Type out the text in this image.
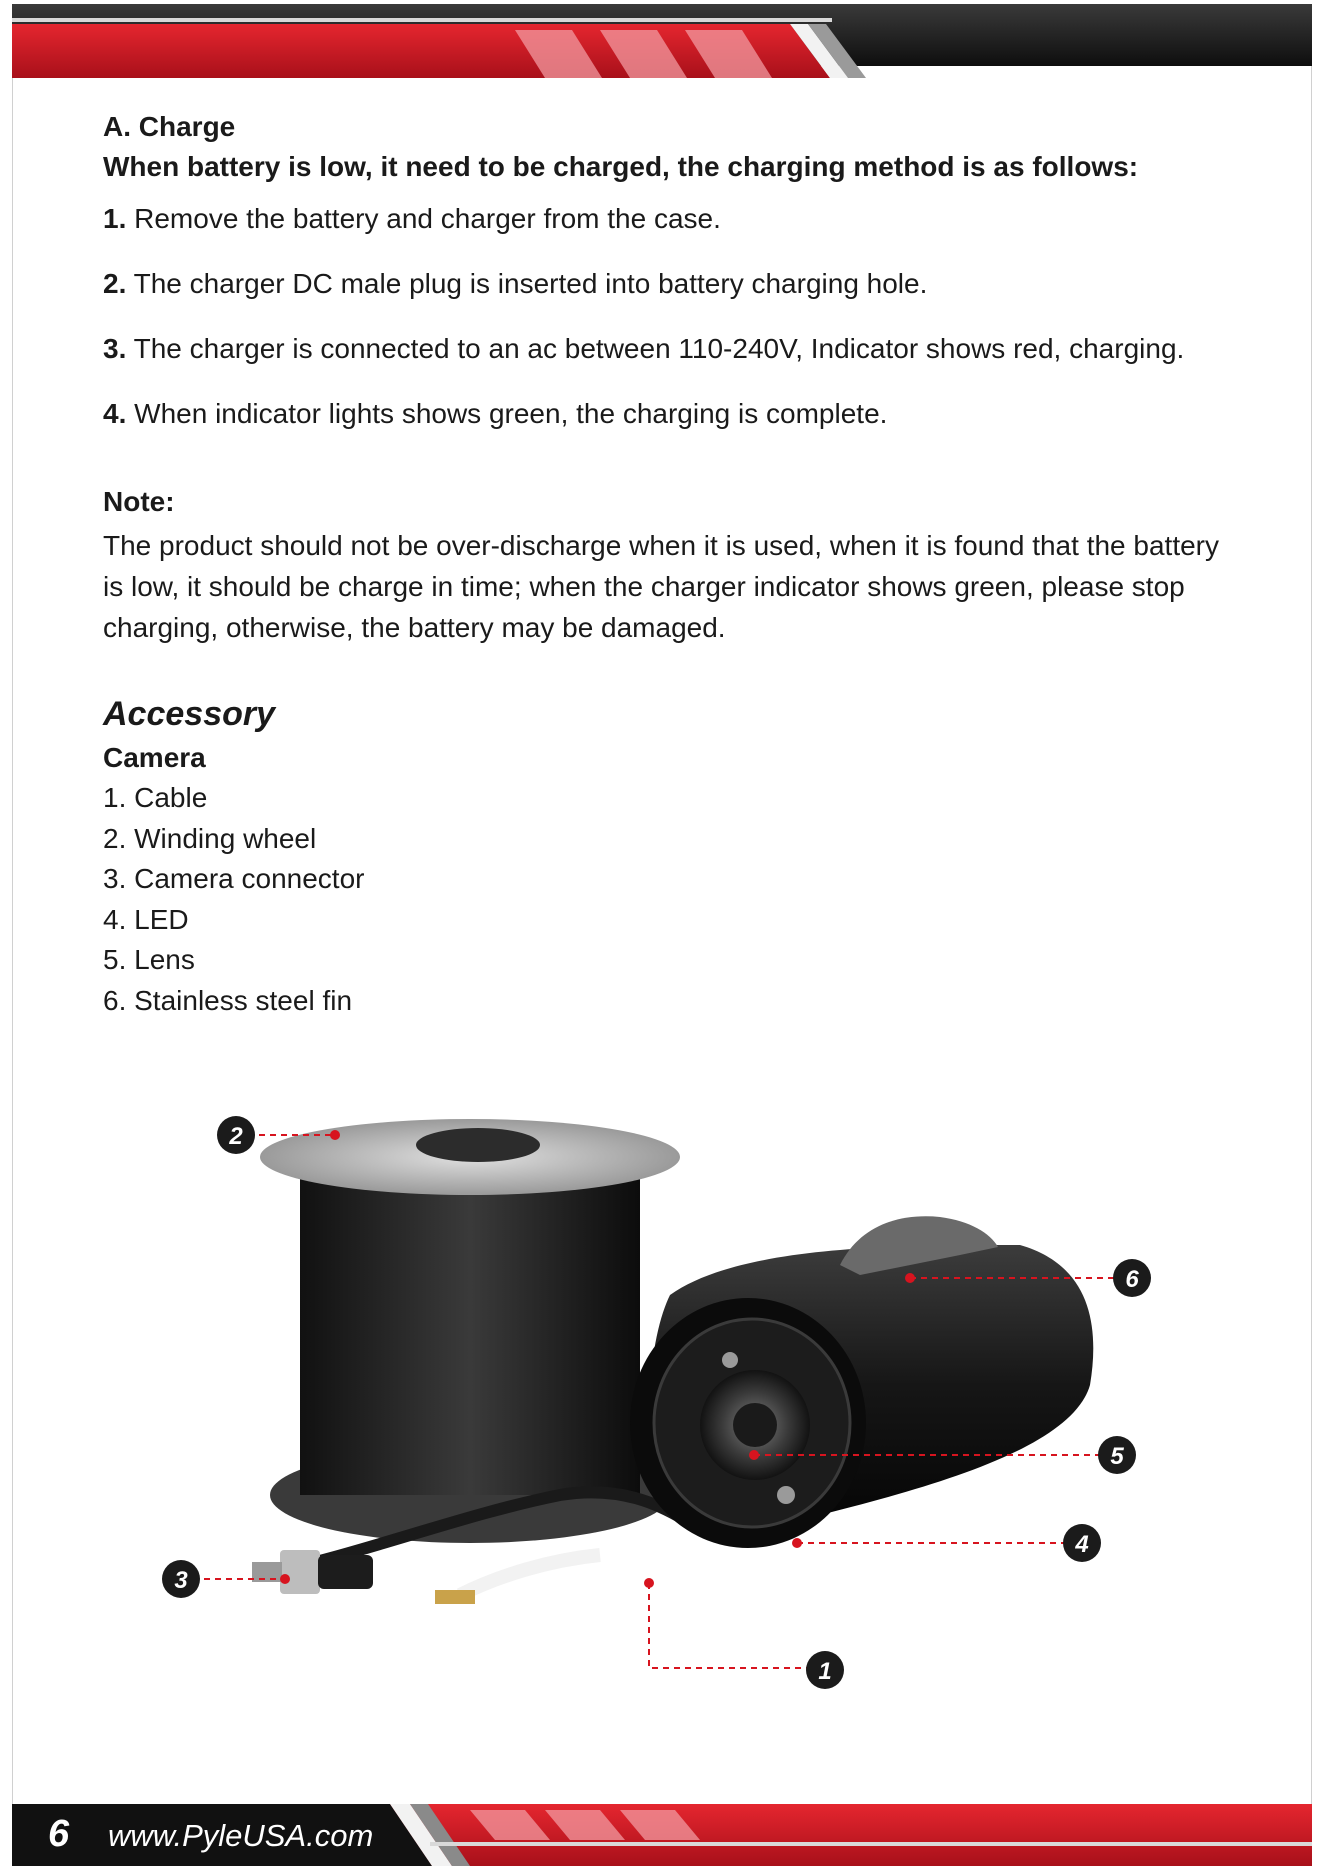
A. Charge

When battery is low, it need to be charged, the charging method is as follows:

1. Remove the battery and charger from the case.

2. The charger DC male plug is inserted into battery charging hole.

3. The charger is connected to an ac between 110-240V, Indicator shows red, charging.

4. When indicator lights shows green, the charging is complete.

Note:

The product should not be over-discharge when it is used, when it is found that the battery is low, it should be charge in time; when the charger indicator shows green, please stop charging, otherwise, the battery may be damaged.

Accessory

Camera

1. Cable

2. Winding wheel

3. Camera connector

4. LED

5. Lens

6. Stainless steel fin

2
6
5
4
3
1
6 www.PyleUSA.com
